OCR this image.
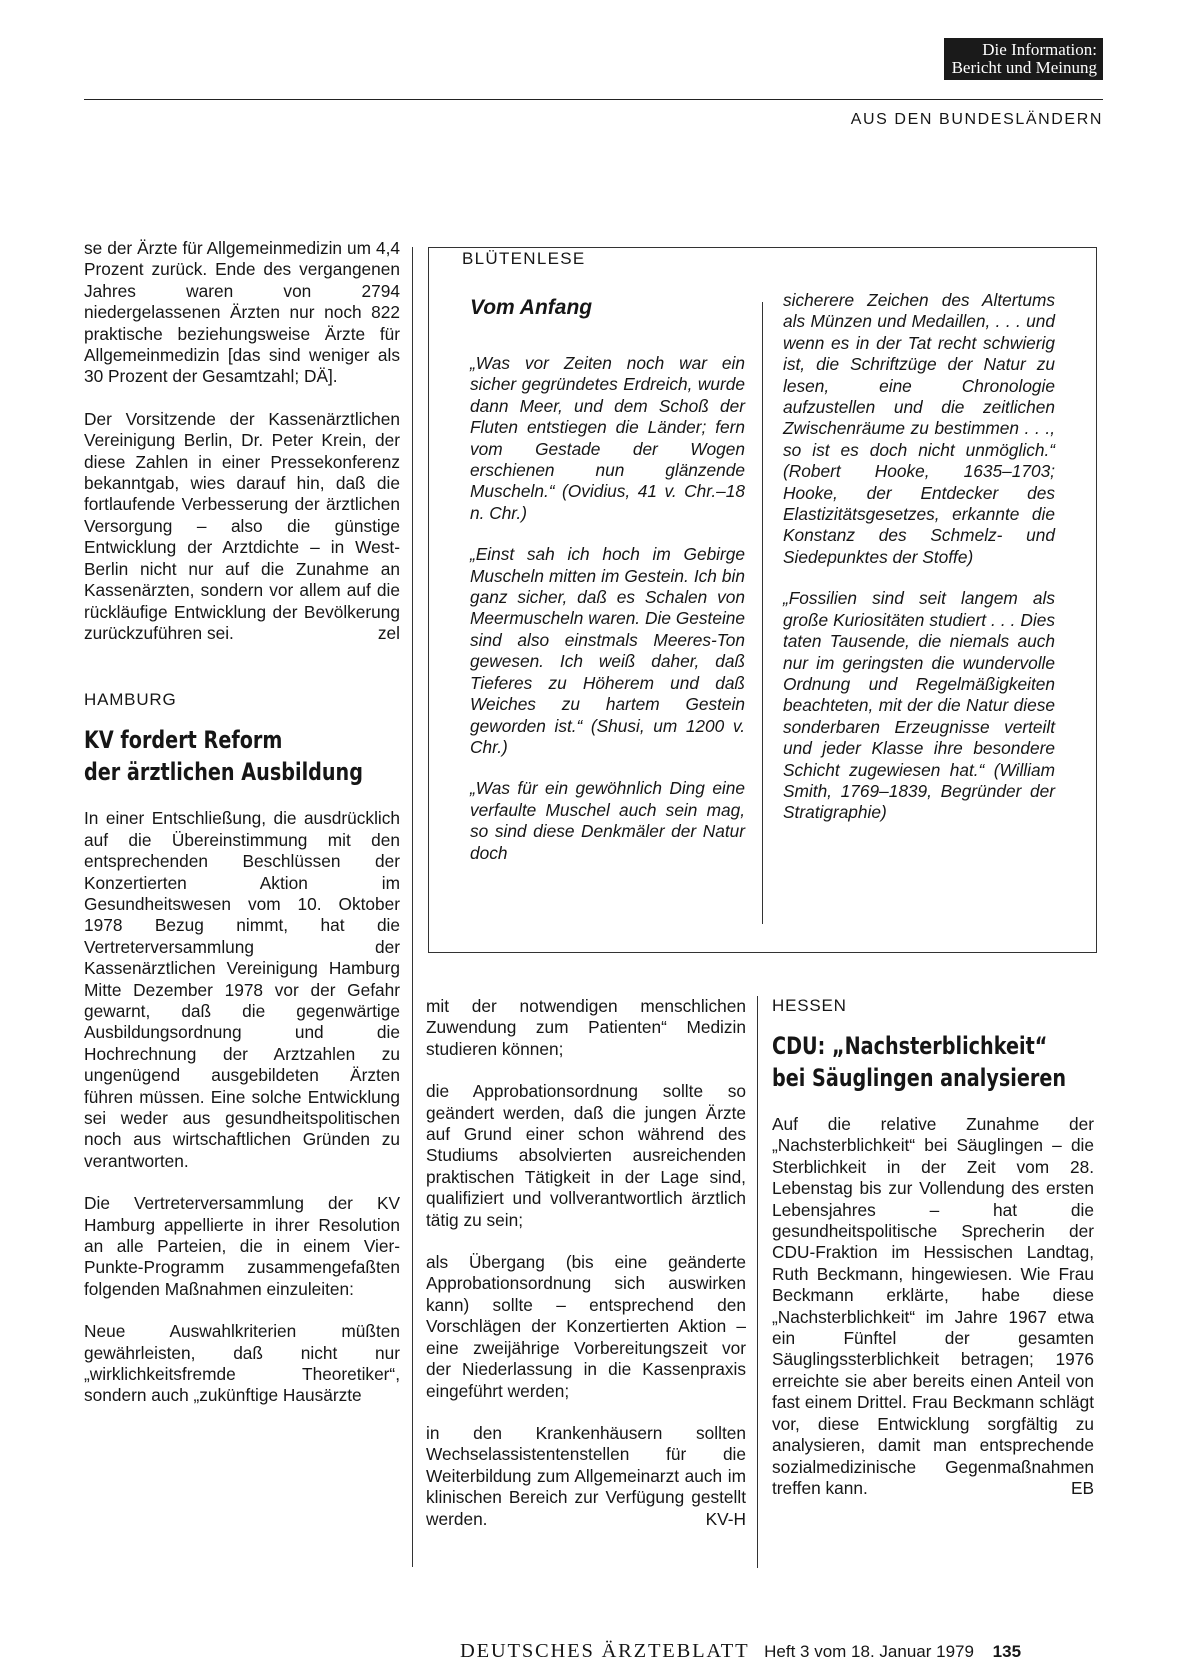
Die Information:
Bericht und Meinung
AUS DEN BUNDESLÄNDERN

se der Ärzte für Allgemeinmedizin um 4,4 Prozent zurück. Ende des vergangenen Jahres waren von 2794 niedergelassenen Ärzten nur noch 822 praktische beziehungsweise Ärzte für Allgemeinmedizin [das sind weniger als 30 Prozent der Gesamtzahl; DÄ].

Der Vorsitzende der Kassenärztlichen Vereinigung Berlin, Dr. Peter Krein, der diese Zahlen in einer Pressekonferenz bekanntgab, wies darauf hin, daß die fortlaufende Verbesserung der ärztlichen Versorgung – also die günstige Entwicklung der Arztdichte – in West-Berlin nicht nur auf die Zunahme an Kassenärzten, sondern vor allem auf die rückläufige Entwicklung der Bevölkerung zurückzuführen sei.	zel

HAMBURG
KV fordert Reform
der ärztlichen Ausbildung

In einer Entschließung, die ausdrücklich auf die Übereinstimmung mit den entsprechenden Beschlüssen der Konzertierten Aktion im Gesundheitswesen vom 10. Oktober 1978 Bezug nimmt, hat die Vertreterversammlung der Kassenärztlichen Vereinigung Hamburg Mitte Dezember 1978 vor der Gefahr gewarnt, daß die gegenwärtige Ausbildungsordnung und die Hochrechnung der Arztzahlen zu ungenügend ausgebildeten Ärzten führen müssen. Eine solche Entwicklung sei weder aus gesundheitspolitischen noch aus wirtschaftlichen Gründen zu verantworten.

Die Vertreterversammlung der KV Hamburg appellierte in ihrer Resolution an alle Parteien, die in einem Vier-Punkte-Programm zusammengefaßten folgenden Maßnahmen einzuleiten:

Neue Auswahlkriterien müßten gewährleisten, daß nicht nur „wirklichkeitsfremde Theoretiker“, sondern auch „zukünftige Hausärzte

BLÜTENLESE
Vom Anfang

„Was vor Zeiten noch war ein sicher gegründetes Erdreich, wurde dann Meer, und dem Schoß der Fluten entstiegen die Länder; fern vom Gestade der Wogen erschienen nun glänzende Muscheln.“ (Ovidius, 41 v. Chr.–18 n. Chr.)

„Einst sah ich hoch im Gebirge Muscheln mitten im Gestein. Ich bin ganz sicher, daß es Schalen von Meermuscheln waren. Die Gesteine sind also einstmals Meeres-Ton gewesen. Ich weiß daher, daß Tieferes zu Höherem und daß Weiches zu hartem Gestein geworden ist.“ (Shusi, um 1200 v. Chr.)

„Was für ein gewöhnlich Ding eine verfaulte Muschel auch sein mag, so sind diese Denkmäler der Natur doch

sicherere Zeichen des Altertums als Münzen und Medaillen, . . . und wenn es in der Tat recht schwierig ist, die Schriftzüge der Natur zu lesen, eine Chronologie aufzustellen und die zeitlichen Zwischenräume zu bestimmen . . ., so ist es doch nicht unmöglich.“ (Robert Hooke, 1635–1703; Hooke, der Entdecker des Elastizitätsgesetzes, erkannte die Konstanz des Schmelz- und Siedepunktes der Stoffe)

„Fossilien sind seit langem als große Kuriositäten studiert . . . Dies taten Tausende, die niemals auch nur im geringsten die wundervolle Ordnung und Regelmäßigkeiten beachteten, mit der die Natur diese sonderbaren Erzeugnisse verteilt und jeder Klasse ihre besondere Schicht zugewiesen hat.“ (William Smith, 1769–1839, Begründer der Stratigraphie)

mit der notwendigen menschlichen Zuwendung zum Patienten“ Medizin studieren können;

die Approbationsordnung sollte so geändert werden, daß die jungen Ärzte auf Grund einer schon während des Studiums absolvierten ausreichenden praktischen Tätigkeit in der Lage sind, qualifiziert und vollverantwortlich ärztlich tätig zu sein;

als Übergang (bis eine geänderte Approbationsordnung sich auswirken kann) sollte – entsprechend den Vorschlägen der Konzertierten Aktion – eine zweijährige Vorbereitungszeit vor der Niederlassung in die Kassenpraxis eingeführt werden;

in den Krankenhäusern sollten Wechselassistentenstellen für die Weiterbildung zum Allgemeinarzt auch im klinischen Bereich zur Verfügung gestellt werden.	KV-H

HESSEN
CDU: „Nachsterblichkeit“
bei Säuglingen analysieren

Auf die relative Zunahme der „Nachsterblichkeit“ bei Säuglingen – die Sterblichkeit in der Zeit vom 28. Lebenstag bis zur Vollendung des ersten Lebensjahres – hat die gesundheitspolitische Sprecherin der CDU-Fraktion im Hessischen Landtag, Ruth Beckmann, hingewiesen. Wie Frau Beckmann erklärte, habe diese „Nachsterblichkeit“ im Jahre 1967 etwa ein Fünftel der gesamten Säuglingssterblichkeit betragen; 1976 erreichte sie aber bereits einen Anteil von fast einem Drittel. Frau Beckmann schlägt vor, diese Entwicklung sorgfältig zu analysieren, damit man entsprechende sozialmedizinische Gegenmaßnahmen treffen kann.	EB

DEUTSCHES ÄRZTEBLATT Heft 3 vom 18. Januar 1979 135
